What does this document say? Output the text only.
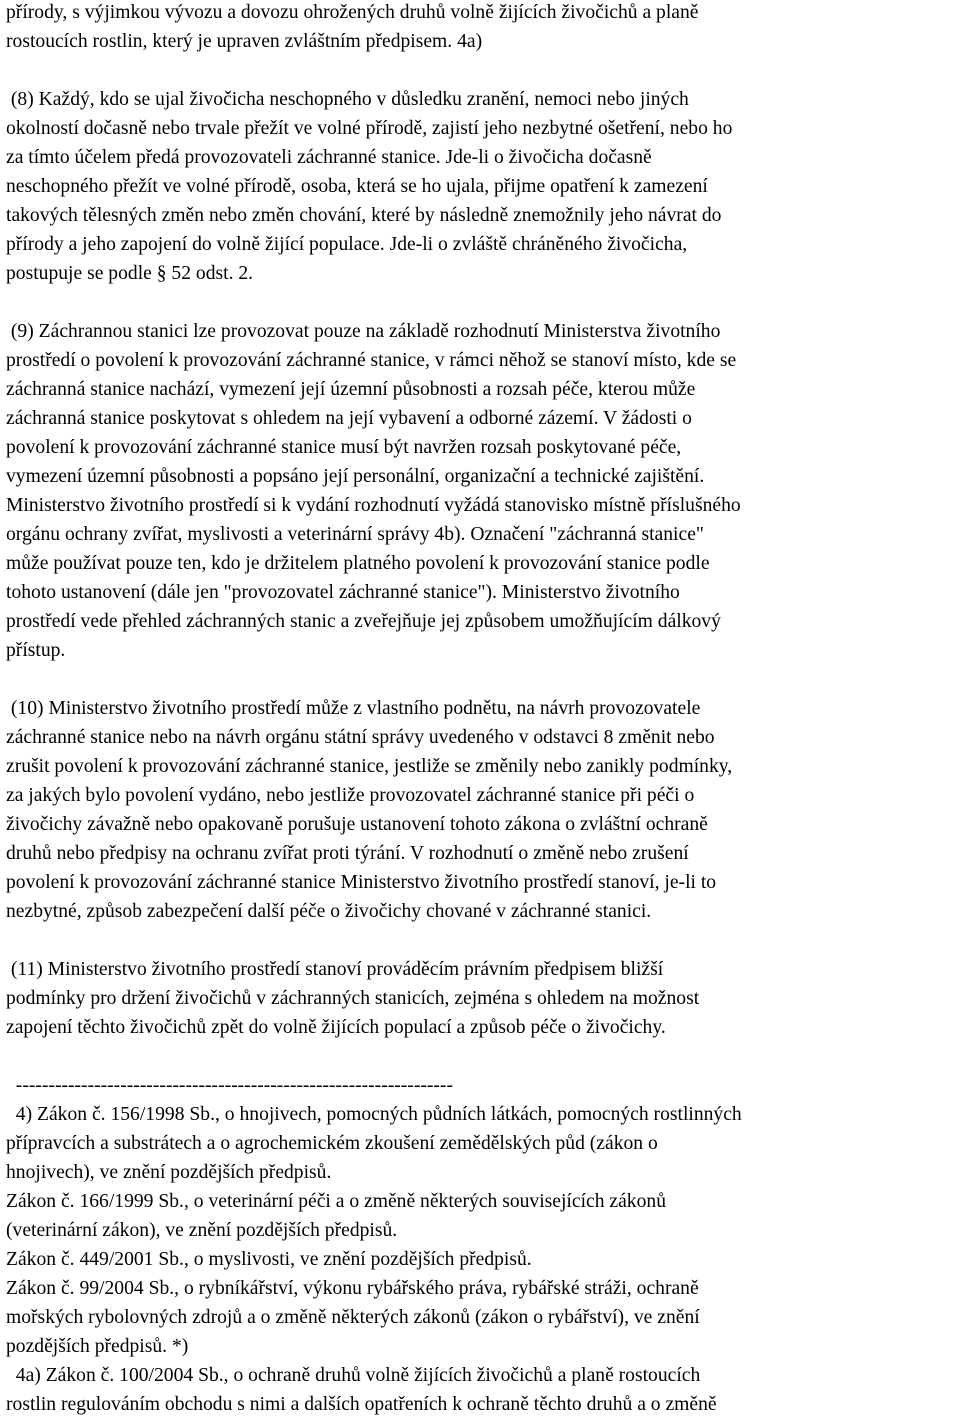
přírody, s výjimkou vývozu a dovozu ohrožených druhů volně žijících živočichů a planě

rostoucích rostlin, který je upraven zvláštním předpisem. 4a)

(8) Každý, kdo se ujal živočicha neschopného v důsledku zranění, nemoci nebo jiných

okolností dočasně nebo trvale přežít ve volné přírodě, zajistí jeho nezbytné ošetření, nebo ho

za tímto účelem předá provozovateli záchranné stanice. Jde-li o živočicha dočasně

neschopného přežít ve volné přírodě, osoba, která se ho ujala, přijme opatření k zamezení

takových tělesných změn nebo změn chování, které by následně znemožnily jeho návrat do

přírody a jeho zapojení do volně žijící populace. Jde-li o zvláště chráněného živočicha,

postupuje se podle § 52 odst. 2.

(9) Záchrannou stanici lze provozovat pouze na základě rozhodnutí Ministerstva životního

prostředí o povolení k provozování záchranné stanice, v rámci něhož se stanoví místo, kde se

záchranná stanice nachází, vymezení její územní působnosti a rozsah péče, kterou může

záchranná stanice poskytovat s ohledem na její vybavení a odborné zázemí. V žádosti o

povolení k provozování záchranné stanice musí být navržen rozsah poskytované péče,

vymezení územní působnosti a popsáno její personální, organizační a technické zajištění.

Ministerstvo životního prostředí si k vydání rozhodnutí vyžádá stanovisko místně příslušného

orgánu ochrany zvířat, myslivosti a veterinární správy 4b). Označení "záchranná stanice"

může používat pouze ten, kdo je držitelem platného povolení k provozování stanice podle

tohoto ustanovení (dále jen "provozovatel záchranné stanice"). Ministerstvo životního

prostředí vede přehled záchranných stanic a zveřejňuje jej způsobem umožňujícím dálkový

přístup.

(10) Ministerstvo životního prostředí může z vlastního podnětu, na návrh provozovatele

záchranné stanice nebo na návrh orgánu státní správy uvedeného v odstavci 8 změnit nebo

zrušit povolení k provozování záchranné stanice, jestliže se změnily nebo zanikly podmínky,

za jakých bylo povolení vydáno, nebo jestliže provozovatel záchranné stanice při péči o

živočichy závažně nebo opakovaně porušuje ustanovení tohoto zákona o zvláštní ochraně

druhů nebo předpisy na ochranu zvířat proti týrání. V rozhodnutí o změně nebo zrušení

povolení k provozování záchranné stanice Ministerstvo životního prostředí stanoví, je-li to

nezbytné, způsob zabezpečení další péče o živočichy chované v záchranné stanici.

(11) Ministerstvo životního prostředí stanoví prováděcím právním předpisem bližší

podmínky pro držení živočichů v záchranných stanicích, zejména s ohledem na možnost

zapojení těchto živočichů zpět do volně žijících populací a způsob péče o živočichy.

-------------------------------------------------------------------

4) Zákon č. 156/1998 Sb., o hnojivech, pomocných půdních látkách, pomocných rostlinných

přípravcích a substrátech a o agrochemickém zkoušení zemědělských půd (zákon o

hnojivech), ve znění pozdějších předpisů.

Zákon č. 166/1999 Sb., o veterinární péči a o změně některých souvisejících zákonů

(veterinární zákon), ve znění pozdějších předpisů.

Zákon č. 449/2001 Sb., o myslivosti, ve znění pozdějších předpisů.

Zákon č. 99/2004 Sb., o rybníkářství, výkonu rybářského práva, rybářské stráži, ochraně

mořských rybolovných zdrojů a o změně některých zákonů (zákon o rybářství), ve znění

pozdějších předpisů. *)

4a) Zákon č. 100/2004 Sb., o ochraně druhů volně žijících živočichů a planě rostoucích

rostlin regulováním obchodu s nimi a dalších opatřeních k ochraně těchto druhů a o změně
